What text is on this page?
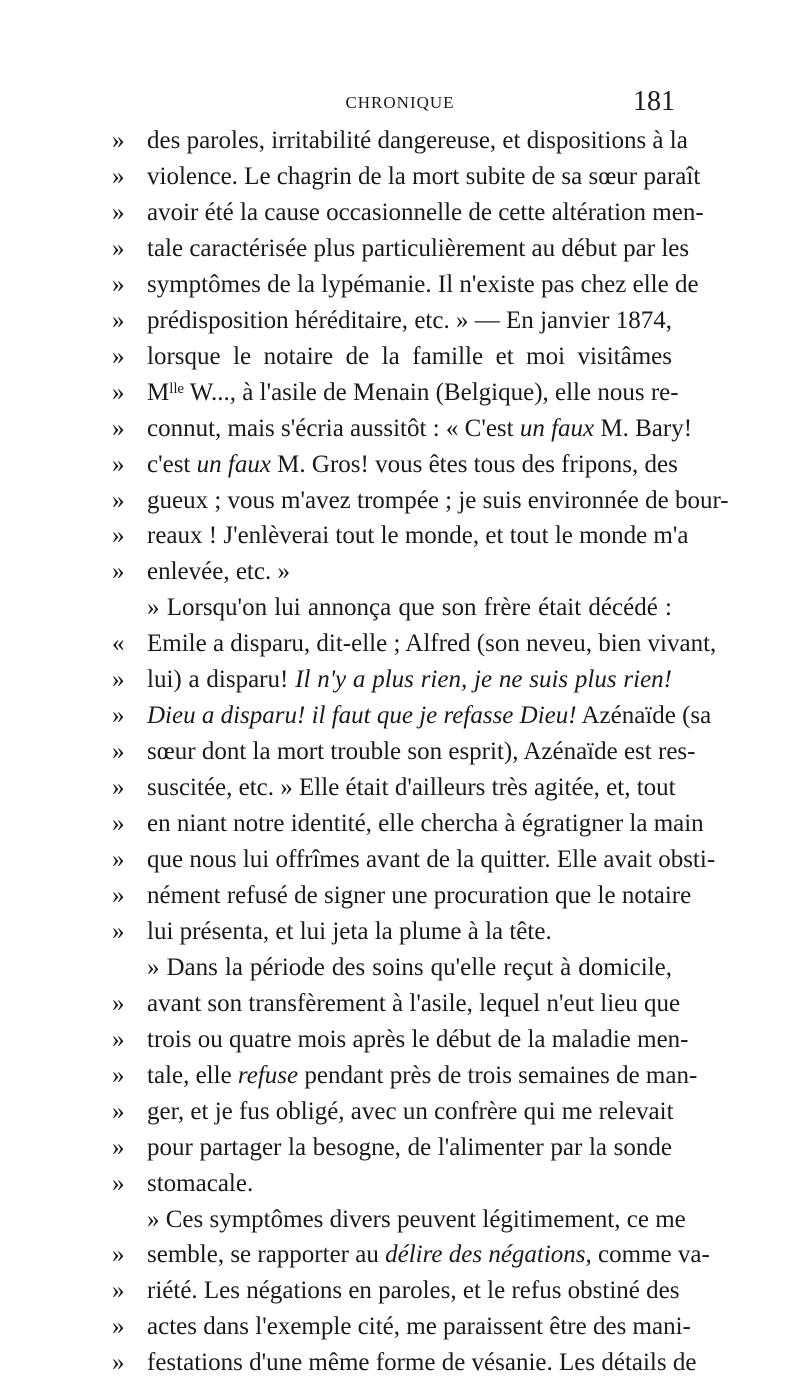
CHRONIQUE	181
» des paroles, irritabilité dangereuse, et dispositions à la
» violence. Le chagrin de la mort subite de sa sœur paraît
» avoir été la cause occasionnelle de cette altération men-
» tale caractérisée plus particulièrement au début par les
» symptômes de la lypémanie. Il n'existe pas chez elle de
» prédisposition héréditaire, etc. » — En janvier 1874,
» lorsque le notaire de la famille et moi visitâmes
» Mˡˡᵉ W..., à l'asile de Menain (Belgique), elle nous re-
» connut, mais s'écria aussitôt : « C'est un faux M. Bary!
» c'est un faux M. Gros! vous êtes tous des fripons, des
» gueux ; vous m'avez trompée ; je suis environnée de bour-
» reaux ! J'enlèverai tout le monde, et tout le monde m'a
» enlevée, etc. »
» Lorsqu'on lui annonça que son frère était décédé :
« Emile a disparu, dit-elle ; Alfred (son neveu, bien vivant,
» lui) a disparu! Il n'y a plus rien, je ne suis plus rien!
» Dieu a disparu! il faut que je refasse Dieu! Azénaïde (sa
» sœur dont la mort trouble son esprit), Azénaïde est res-
» suscitée, etc. » Elle était d'ailleurs très agitée, et, tout
» en niant notre identité, elle chercha à égratigner la main
» que nous lui offrîmes avant de la quitter. Elle avait obsti-
» nément refusé de signer une procuration que le notaire
» lui présenta, et lui jeta la plume à la tête.
» Dans la période des soins qu'elle reçut à domicile,
» avant son transfèrement à l'asile, lequel n'eut lieu que
» trois ou quatre mois après le début de la maladie men-
» tale, elle refuse pendant près de trois semaines de man-
» ger, et je fus obligé, avec un confrère qui me relevait
» pour partager la besogne, de l'alimenter par la sonde
» stomacale.
» Ces symptômes divers peuvent légitimement, ce me
» semble, se rapporter au délire des négations, comme va-
» riété. Les négations en paroles, et le refus obstiné des
» actes dans l'exemple cité, me paraissent être des mani-
» festations d'une même forme de vésanie. Les détails de
